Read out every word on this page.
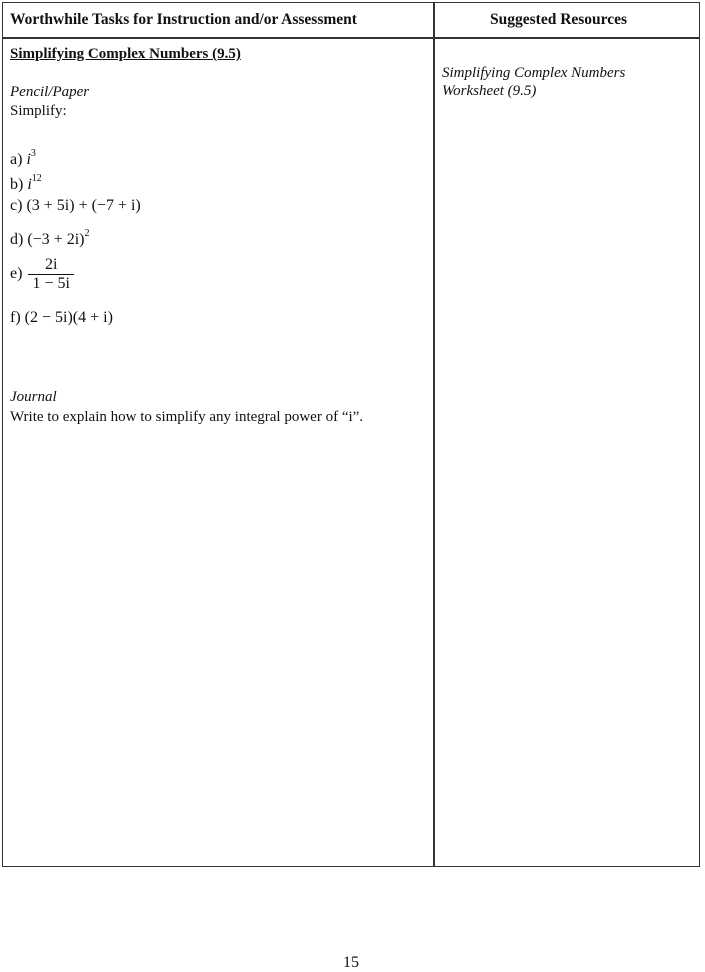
Worthwhile Tasks for Instruction and/or Assessment	Suggested Resources
Simplifying Complex Numbers (9.5)
Pencil/Paper
Simplify:
a) $i^3$
b) $i^{12}$
c) (3 + 5i) + (−7 + i)
d) $(-3 + 2i)^2$
$e) \frac{2i}{1 - 5i}$
f) (2 − 5i)(4 + i)
Journal
Write to explain how to simplify any integral power of “i”.
Simplifying Complex Numbers
Worksheet (9.5)
15
